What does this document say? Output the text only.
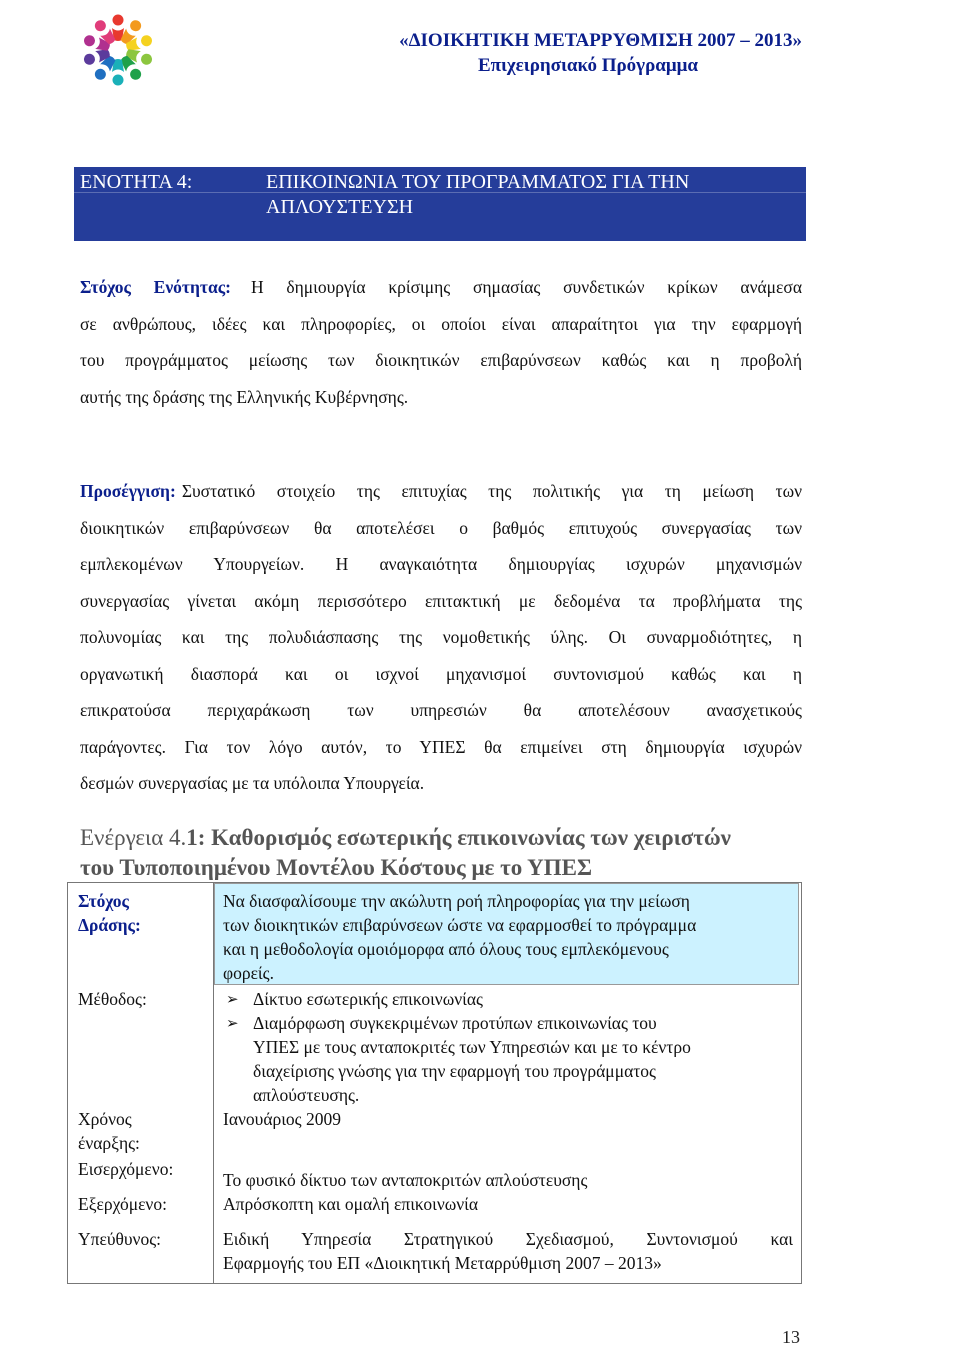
«ΔΙΟΙΚΗΤΙΚΗ ΜΕΤΑΡΡΥΘΜΙΣΗ 2007 – 2013»
Επιχειρησιακό Πρόγραμμα
ΕΝΟΤΗΤΑ 4:	ΕΠΙΚΟΙΝΩΝΙΑ ΤΟΥ ΠΡΟΓΡΑΜΜΑΤΟΣ ΓΙΑ ΤΗΝ
ΑΠΛΟΥΣΤΕΥΣΗ
Στόχος Ενότητας: Η δημιουργία κρίσιμης σημασίας συνδετικών κρίκων ανάμεσα
σε ανθρώπους, ιδέες και πληροφορίες, οι οποίοι είναι απαραίτητοι για την εφαρμογή
του προγράμματος μείωσης των διοικητικών επιβαρύνσεων καθώς και η προβολή
αυτής της δράσης της Ελληνικής Κυβέρνησης.
Προσέγγιση: Συστατικό στοιχείο της επιτυχίας της πολιτικής για τη μείωση των
διοικητικών επιβαρύνσεων θα αποτελέσει ο βαθμός επιτυχούς συνεργασίας των
εμπλεκομένων Υπουργείων. Η αναγκαιότητα δημιουργίας ισχυρών μηχανισμών
συνεργασίας γίνεται ακόμη περισσότερο επιτακτική με δεδομένα τα προβλήματα της
πολυνομίας και της πολυδιάσπασης της νομοθετικής ύλης. Οι συναρμοδιότητες, η
οργανωτική διασπορά και οι ισχνοί μηχανισμοί συντονισμού καθώς και η
επικρατούσα περιχαράκωση των υπηρεσιών θα αποτελέσουν ανασχετικούς
παράγοντες. Για τον λόγο αυτόν, το ΥΠΕΣ θα επιμείνει στη δημιουργία ισχυρών
δεσμών συνεργασίας με τα υπόλοιπα Υπουργεία.
Ενέργεια 4.1: Καθορισμός εσωτερικής επικοινωνίας των χειριστών
του Τυποποιημένου Μοντέλου Κόστους με το ΥΠΕΣ
Στόχος
Δράσης:
Να διασφαλίσουμε την ακώλυτη ροή πληροφορίας για την μείωση
των διοικητικών επιβαρύνσεων ώστε να εφαρμοσθεί το πρόγραμμα
και η μεθοδολογία ομοιόμορφα από όλους τους εμπλεκόμενους
φορείς.
Μέθοδος:	➢ Δίκτυο εσωτερικής επικοινωνίας
➢ Διαμόρφωση συγκεκριμένων προτύπων επικοινωνίας του
ΥΠΕΣ με τους ανταποκριτές των Υπηρεσιών και με το κέντρο
διαχείρισης γνώσης για την εφαρμογή του προγράμματος
απλούστευσης.
Χρόνος
έναρξης:
Ιανουάριος 2009
Εισερχόμενο:
Το φυσικό δίκτυο των ανταποκριτών απλούστευσης
Εξερχόμενο:	Απρόσκοπτη και ομαλή επικοινωνία
Υπεύθυνος:	Ειδική Υπηρεσία Στρατηγικού Σχεδιασμού, Συντονισμού και
Εφαρμογής του ΕΠ «Διοικητική Μεταρρύθμιση 2007 – 2013»
13
